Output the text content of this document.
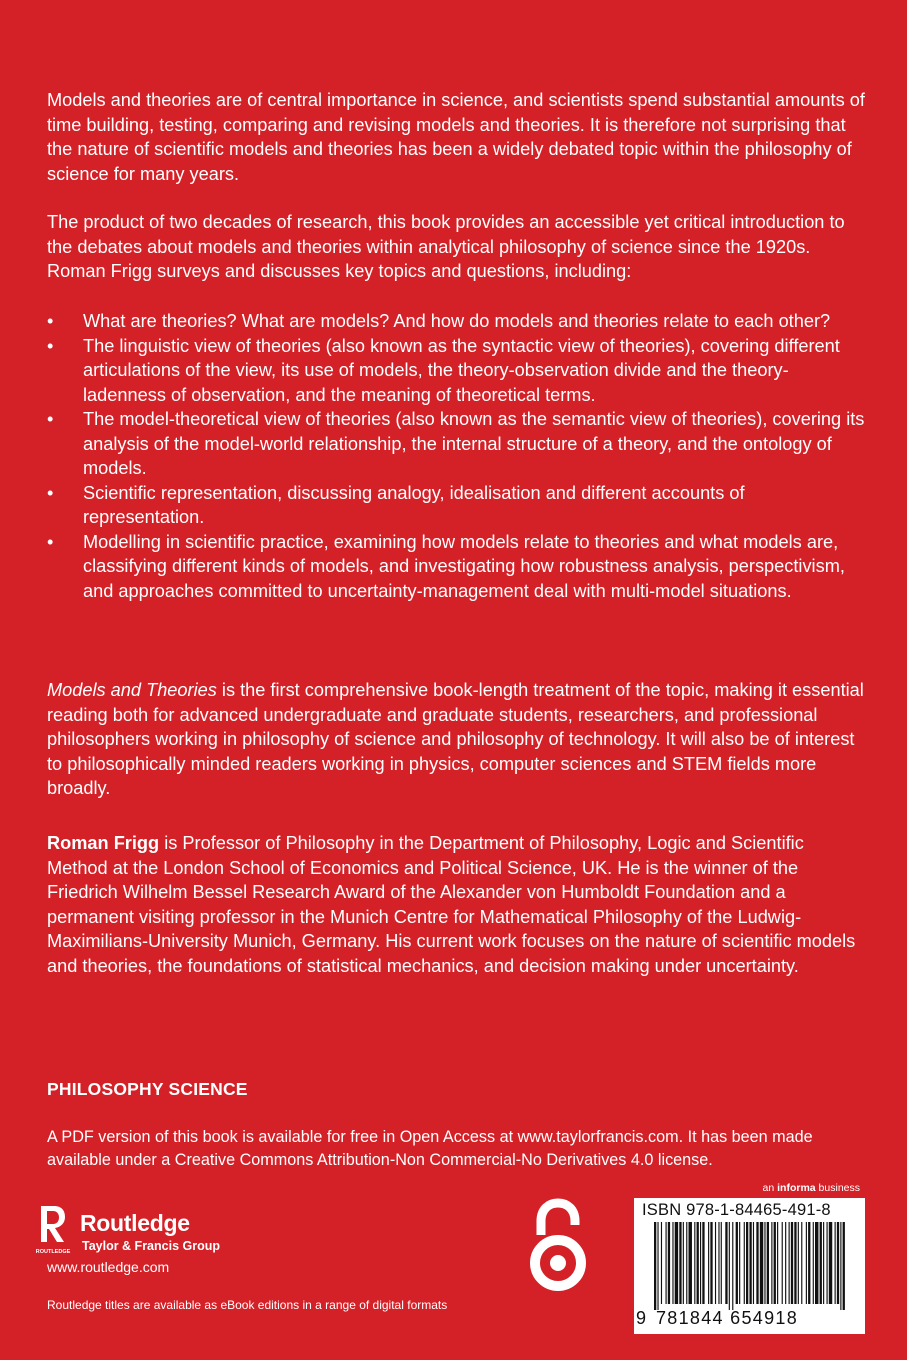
Models and theories are of central importance in science, and scientists spend substantial amounts of time building, testing, comparing and revising models and theories. It is therefore not surprising that the nature of scientific models and theories has been a widely debated topic within the philosophy of science for many years.

The product of two decades of research, this book provides an accessible yet critical introduction to the debates about models and theories within analytical philosophy of science since the 1920s. Roman Frigg surveys and discusses key topics and questions, including:

• What are theories? What are models? And how do models and theories relate to each other?
• The linguistic view of theories (also known as the syntactic view of theories), covering different articulations of the view, its use of models, the theory-observation divide and the theory-ladenness of observation, and the meaning of theoretical terms.
• The model-theoretical view of theories (also known as the semantic view of theories), covering its analysis of the model-world relationship, the internal structure of a theory, and the ontology of models.
• Scientific representation, discussing analogy, idealisation and different accounts of representation.
• Modelling in scientific practice, examining how models relate to theories and what models are, classifying different kinds of models, and investigating how robustness analysis, perspectivism, and approaches committed to uncertainty-management deal with multi-model situations.

Models and Theories is the first comprehensive book-length treatment of the topic, making it essential reading both for advanced undergraduate and graduate students, researchers, and professional philosophers working in philosophy of science and philosophy of technology. It will also be of interest to philosophically minded readers working in physics, computer sciences and STEM fields more broadly.

Roman Frigg is Professor of Philosophy in the Department of Philosophy, Logic and Scientific Method at the London School of Economics and Political Science, UK. He is the winner of the Friedrich Wilhelm Bessel Research Award of the Alexander von Humboldt Foundation and a permanent visiting professor in the Munich Centre for Mathematical Philosophy of the Ludwig-Maximilians-University Munich, Germany. His current work focuses on the nature of scientific models and theories, the foundations of statistical mechanics, and decision making under uncertainty.

PHILOSOPHY SCIENCE

A PDF version of this book is available for free in Open Access at www.taylorfrancis.com. It has been made available under a Creative Commons Attribution-Non Commercial-No Derivatives 4.0 license.

ROUTLEDGE
Routledge
Taylor & Francis Group
www.routledge.com
Routledge titles are available as eBook editions in a range of digital formats
an informa business
ISBN 978-1-84465-491-8
9 781844 654918
